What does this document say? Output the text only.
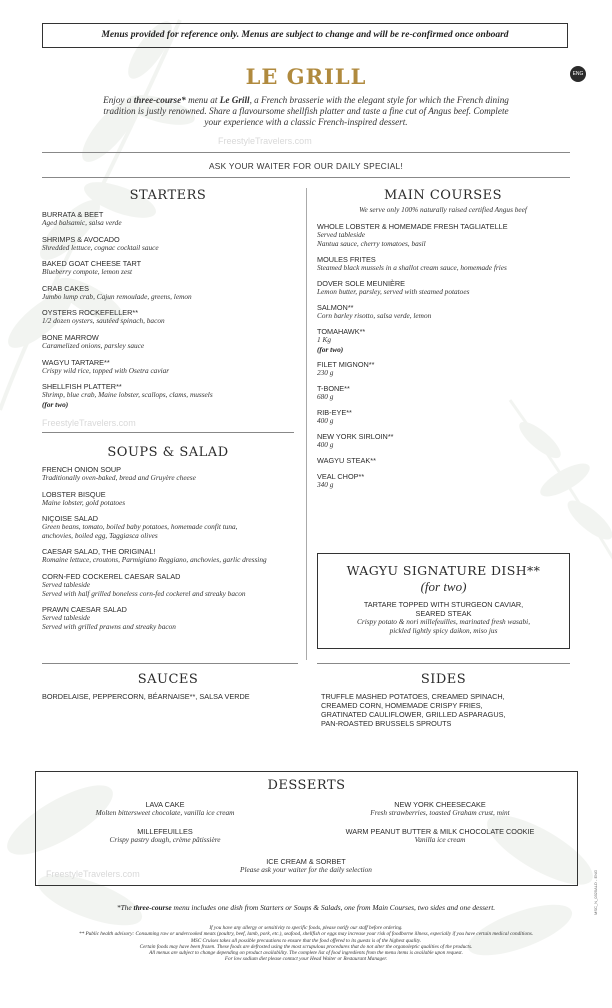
Menus provided for reference only. Menus are subject to change and will be re-confirmed once onboard
LE GRILL	ENG
Enjoy a three-course* menu at Le Grill, a French brasserie with the elegant style for which the French dining tradition is justly renowned. Share a flavoursome shellfish platter and taste a fine cut of Angus beef. Complete your experience with a classic French-inspired dessert.
FreestyleTravelers.com
ASK YOUR WAITER FOR OUR DAILY SPECIAL!
STARTERS
BURRATA & BEET
Aged balsamic, salsa verde
SHRIMPS & AVOCADO
Shredded lettuce, cognac cocktail sauce
BAKED GOAT CHEESE TART
Blueberry compote, lemon zest
CRAB CAKES
Jumbo lump crab, Cajun remoulade, greens, lemon
OYSTERS ROCKEFELLER**
1/2 dozen oysters, sautéed spinach, bacon
BONE MARROW
Caramelized onions, parsley sauce
WAGYU TARTARE**
Crispy wild rice, topped with Osetra caviar
SHELLFISH PLATTER**
Shrimp, blue crab, Maine lobster, scallops, clams, mussels
(for two)
FreestyleTravelers.com
SOUPS & SALAD
FRENCH ONION SOUP
Traditionally oven-baked, bread and Gruyère cheese
LOBSTER BISQUE
Maine lobster, gold potatoes
NIÇOISE SALAD
Green beans, tomato, boiled baby potatoes, homemade confit tuna,
anchovies, boiled egg, Taggiasca olives
CAESAR SALAD, THE ORIGINAL!
Romaine lettuce, croutons, Parmigiano Reggiano, anchovies, garlic dressing
CORN-FED COCKEREL CAESAR SALAD
Served tableside
Served with half grilled boneless corn-fed cockerel and streaky bacon
PRAWN CAESAR SALAD
Served tableside
Served with grilled prawns and streaky bacon
MAIN COURSES
We serve only 100% naturally raised certified Angus beef
WHOLE LOBSTER & HOMEMADE FRESH TAGLIATELLE
Served tableside
Nantua sauce, cherry tomatoes, basil
MOULES FRITES
Steamed black mussels in a shallot cream sauce, homemade fries
DOVER SOLE MEUNIÈRE
Lemon butter, parsley, served with steamed potatoes
SALMON**
Corn barley risotto, salsa verde, lemon
TOMAHAWK**
1 Kg
(for two)
FILET MIGNON**
230 g
T-BONE**
680 g
RIB-EYE**
400 g
NEW YORK SIRLOIN**
400 g
WAGYU STEAK**
VEAL CHOP**
340 g
WAGYU SIGNATURE DISH**
(for two)
TARTARE TOPPED WITH STURGEON CAVIAR,
SEARED STEAK
Crispy potato & nori millefeuilles, marinated fresh wasabi,
pickled lightly spicy daikon, miso jus
SAUCES
BORDELAISE, PEPPERCORN, BÉARNAISE**, SALSA VERDE
SIDES
TRUFFLE MASHED POTATOES, CREAMED SPINACH,
CREAMED CORN, HOMEMADE CRISPY FRIES,
GRATINATED CAULIFLOWER, GRILLED ASPARAGUS,
PAN-ROASTED BRUSSELS SPROUTS
DESSERTS
LAVA CAKE
Molten bittersweet chocolate, vanilla ice cream
MILLEFEUILLES
Crispy pastry dough, crème pâtissière
NEW YORK CHEESECAKE
Fresh strawberries, toasted Graham crust, mint
WARM PEANUT BUTTER & MILK CHOCOLATE COOKIE
Vanilla ice cream
ICE CREAM & SORBET
Please ask your waiter for the daily selection
FreestyleTravelers.com
*The three-course menu includes one dish from Starters or Soups & Salads, one from Main Courses, two sides and one dessert.
If you have any allergy or sensitivity to specific foods, please notify our staff before ordering.
** Public health advisory: Consuming raw or undercooked meats (poultry, beef, lamb, pork, etc.), seafood, shellfish or eggs may increase your risk of foodborne illness, especially if you have certain medical conditions.
MSC Cruises takes all possible precautions to ensure that the food offered to its guests is of the highest quality.
Certain foods may have been frozen. These foods are defrosted using the most scrupulous procedures that do not alter the organoleptic qualities of the products.
All menus are subject to change depending on product availability. The complete list of food ingredients from the menu items is available upon request.
For low sodium diet please contact your Head Waiter or Restaurant Manager.
MSC_N_0325ALD - ENG
